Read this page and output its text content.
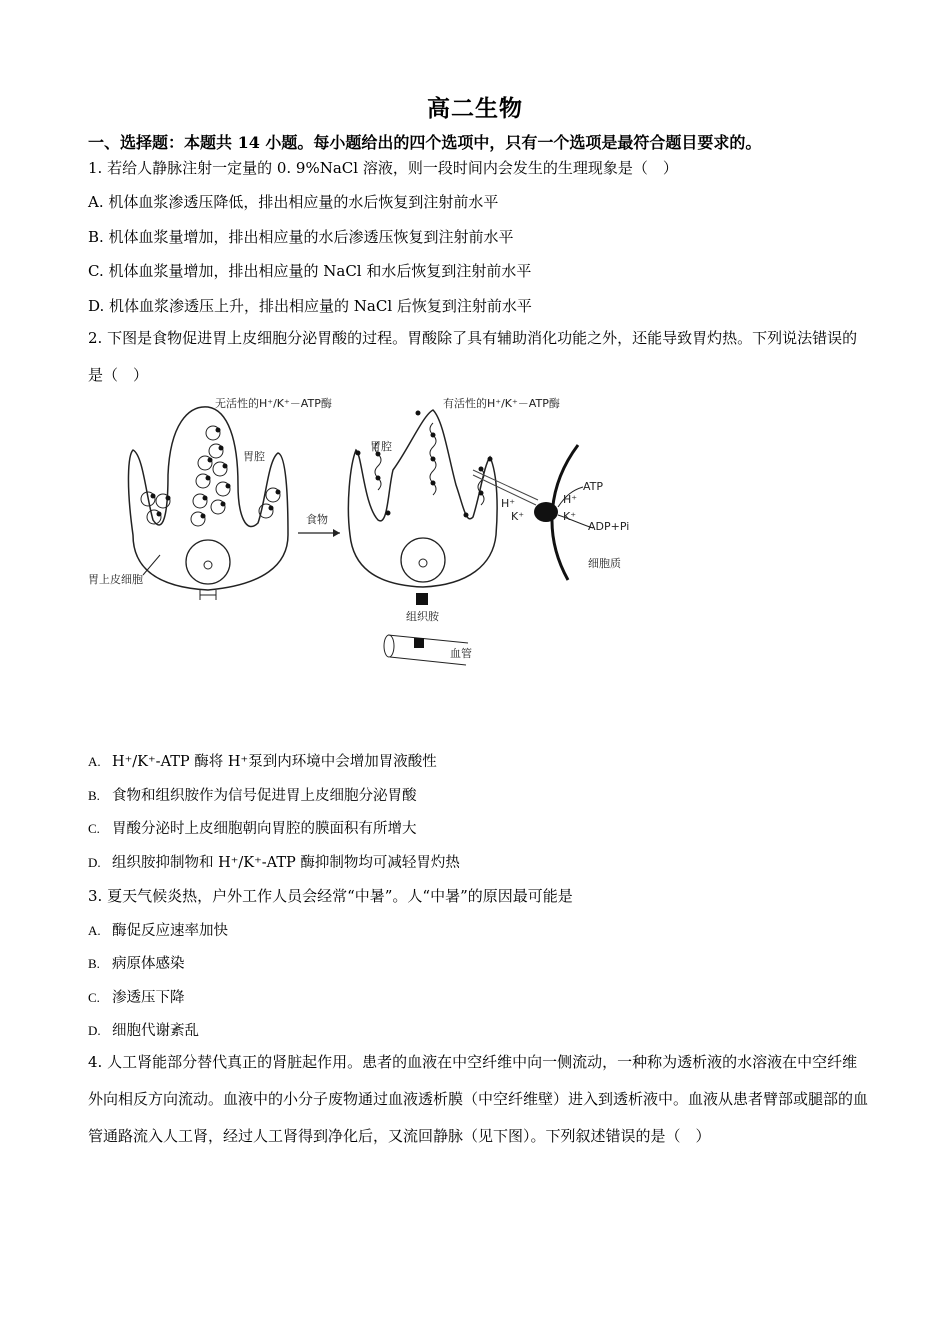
高二生物
一、选择题：本题共 14 小题。每小题给出的四个选项中，只有一个选项是最符合题目要求的。
1. 若给人静脉注射一定量的 0. 9%NaCl 溶液，则一段时间内会发生的生理现象是（　）
A. 机体血浆渗透压降低，排出相应量的水后恢复到注射前水平
B. 机体血浆量增加，排出相应量的水后渗透压恢复到注射前水平
C. 机体血浆量增加，排出相应量的 NaCl 和水后恢复到注射前水平
D. 机体血浆渗透压上升，排出相应量的 NaCl 后恢复到注射前水平
2. 下图是食物促进胃上皮细胞分泌胃酸的过程。胃酸除了具有辅助消化功能之外，还能导致胃灼热。下列说法错误的是（　）
无活性的H⁺/K⁺－ATP酶
胃腔
胃上皮细胞
食物
有活性的H⁺/K⁺－ATP酶
胃腔
组织胺
血管
ATP
ADP+Pi
H⁺
K⁺
H⁺
K⁺
细胞质
A. H⁺/K⁺-ATP 酶将 H⁺泵到内环境中会增加胃液酸性
B. 食物和组织胺作为信号促进胃上皮细胞分泌胃酸
C. 胃酸分泌时上皮细胞朝向胃腔的膜面积有所增大
D. 组织胺抑制物和 H⁺/K⁺-ATP 酶抑制物均可减轻胃灼热
3. 夏天气候炎热，户外工作人员会经常“中暑”。人“中暑”的原因最可能是
A. 酶促反应速率加快
B. 病原体感染
C. 渗透压下降
D. 细胞代谢紊乱
4. 人工肾能部分替代真正的肾脏起作用。患者的血液在中空纤维中向一侧流动，一种称为透析液的水溶液在中空纤维外向相反方向流动。血液中的小分子废物通过血液透析膜（中空纤维壁）进入到透析液中。血液从患者臂部或腿部的血管通路流入人工肾，经过人工肾得到净化后，又流回静脉（见下图）。下列叙述错误的是（　）
